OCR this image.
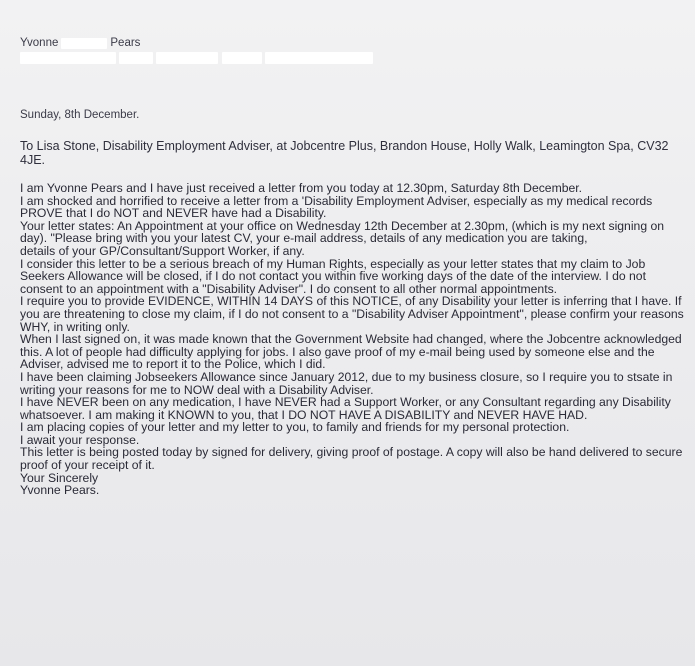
Yvonne	Pears

Sunday, 8th December.
To Lisa Stone, Disability Employment Adviser, at Jobcentre Plus, Brandon House, Holly Walk, Leamington Spa, CV32 4JE.

I am Yvonne Pears and I have just received a letter from you today at 12.30pm, Saturday 8th December.

I am shocked and horrified to receive a letter from a 'Disability Employment Adviser, especially as my medical records PROVE that I do NOT and NEVER have had a Disability.

Your letter states: An Appointment at your office on Wednesday 12th December at 2.30pm, (which is my next signing on day). "Please bring with you your latest CV, your e-mail address, details of any medication you are taking,

details of your GP/Consultant/Support Worker, if any.

I consider this letter to be a serious breach of my Human Rights, especially as your letter states that my claim to Job Seekers Allowance will be closed, if I do not contact you within five working days of the date of the interview. I do not consent to an appointment with a "Disability Adviser". I do consent to all other normal appointments.

I require you to provide EVIDENCE, WITHIN 14 DAYS of this NOTICE, of any Disability your letter is inferring that I have. If you are threatening to close my claim, if I do not consent to a "Disability Adviser Appointment", please confirm your reasons WHY, in writing only.

When I last signed on, it was made known that the Government Website had changed, where the Jobcentre acknowledged this. A lot of people had difficulty applying for jobs. I also gave proof of my e-mail being used by someone else and the Adviser, advised me to report it to the Police, which I did.

I have been claiming Jobseekers Allowance since January 2012, due to my business closure, so I require you to stsate in writing your reasons for me to NOW deal with a Disability Adviser.

I have NEVER been on any medication, I have NEVER had a Support Worker, or any Consultant regarding any Disability whatsoever. I am making it KNOWN to you, that I DO NOT HAVE A DISABILITY and NEVER HAVE HAD.

I am placing copies of your letter and my letter to you, to family and friends for my personal protection.

I await your response.

This letter is being posted today by signed for delivery, giving proof of postage. A copy will also be hand delivered to secure proof of your receipt of it.

Your Sincerely

Yvonne Pears.
